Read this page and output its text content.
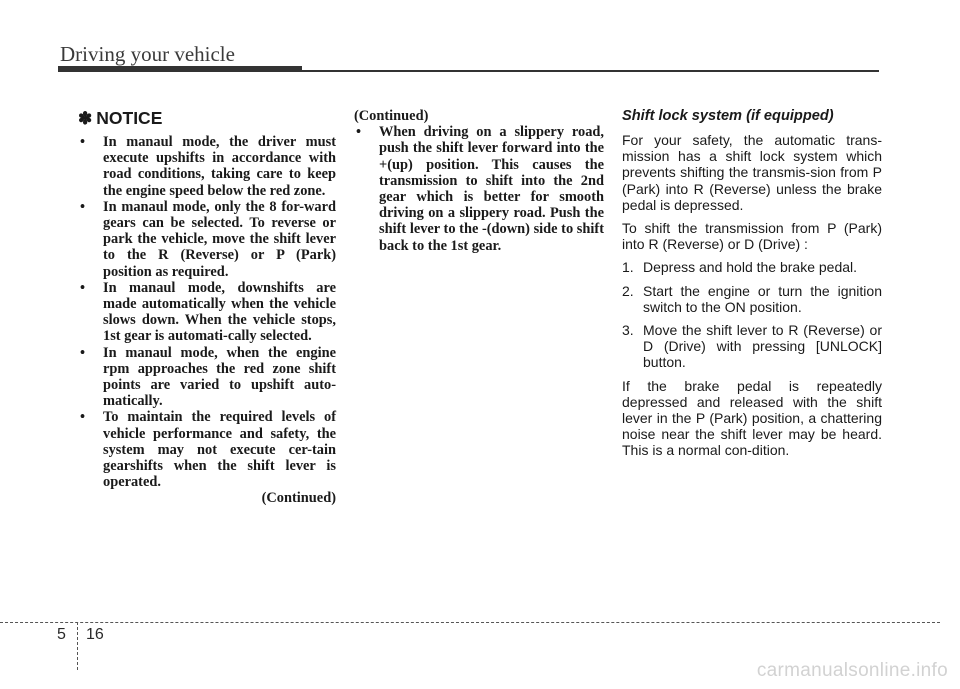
Driving your vehicle
✽ NOTICE
• In manaul mode, the driver must execute upshifts in accordance with road conditions, taking care to keep the engine speed below the red zone.
• In manaul mode, only the 8 for-ward gears can be selected. To reverse or park the vehicle, move the shift lever to the R (Reverse) or P (Park) position as required.
• In manaul mode, downshifts are made automatically when the vehicle slows down. When the vehicle stops, 1st gear is automati-cally selected.
• In manaul mode, when the engine rpm approaches the red zone shift points are varied to upshift auto-matically.
• To maintain the required levels of vehicle performance and safety, the system may not execute cer-tain gearshifts when the shift lever is operated.
(Continued)
(Continued)
• When driving on a slippery road, push the shift lever forward into the +(up) position. This causes the transmission to shift into the 2nd gear which is better for smooth driving on a slippery road. Push the shift lever to the -(down) side to shift back to the 1st gear.
Shift lock system (if equipped)

For your safety, the automatic trans-mission has a shift lock system which prevents shifting the transmis-sion from P (Park) into R (Reverse) unless the brake pedal is depressed.

To shift the transmission from P (Park) into R (Reverse) or D (Drive) :

1. Depress and hold the brake pedal.
2. Start the engine or turn the ignition switch to the ON position.
3. Move the shift lever to R (Reverse) or D (Drive) with pressing [UNLOCK] button.

If the brake pedal is repeatedly depressed and released with the shift lever in the P (Park) position, a chattering noise near the shift lever may be heard. This is a normal con-dition.

5 16
carmanualsonline.info
